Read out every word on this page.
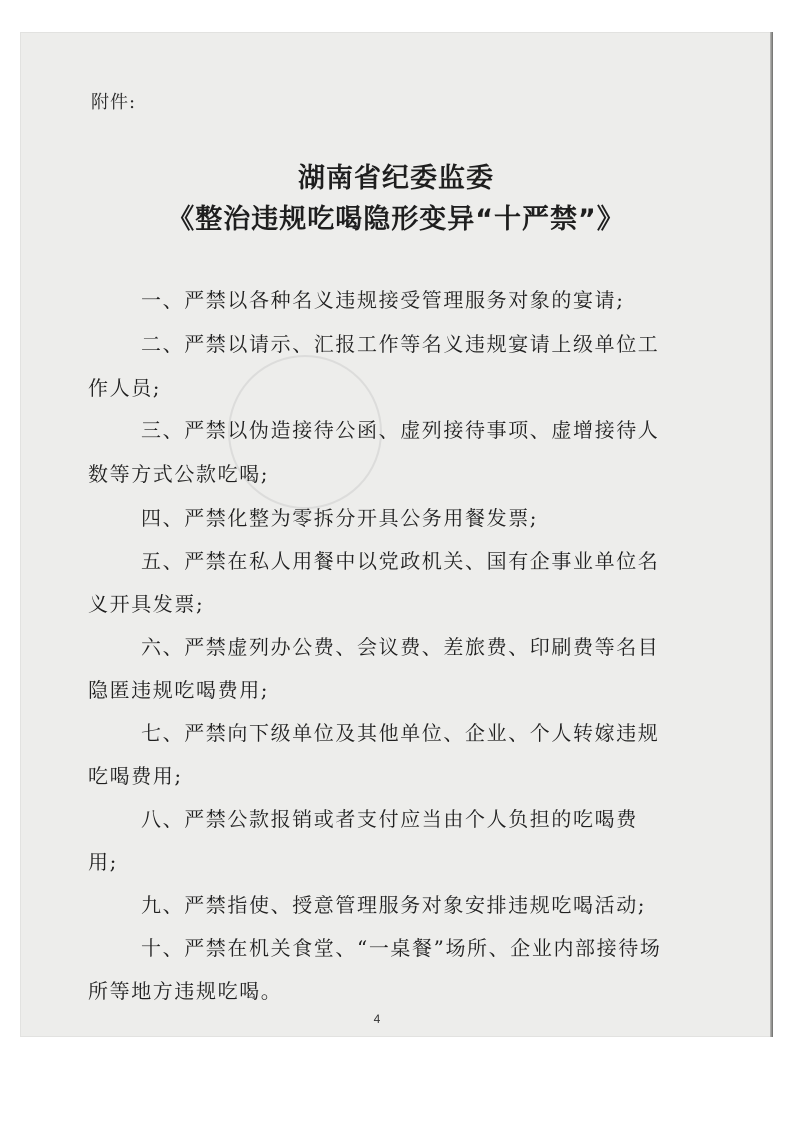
附件:
湖南省纪委监委
《整治违规吃喝隐形变异“十严禁”》
一、严禁以各种名义违规接受管理服务对象的宴请;
二、严禁以请示、汇报工作等名义违规宴请上级单位工
作人员;
三、严禁以伪造接待公函、虚列接待事项、虚增接待人
数等方式公款吃喝;
四、严禁化整为零拆分开具公务用餐发票;
五、严禁在私人用餐中以党政机关、国有企事业单位名
义开具发票;
六、严禁虚列办公费、会议费、差旅费、印刷费等名目
隐匿违规吃喝费用;
七、严禁向下级单位及其他单位、企业、个人转嫁违规
吃喝费用;
八、严禁公款报销或者支付应当由个人负担的吃喝费
用;
九、严禁指使、授意管理服务对象安排违规吃喝活动;
十、严禁在机关食堂、“一桌餐”场所、企业内部接待场
所等地方违规吃喝。
4
